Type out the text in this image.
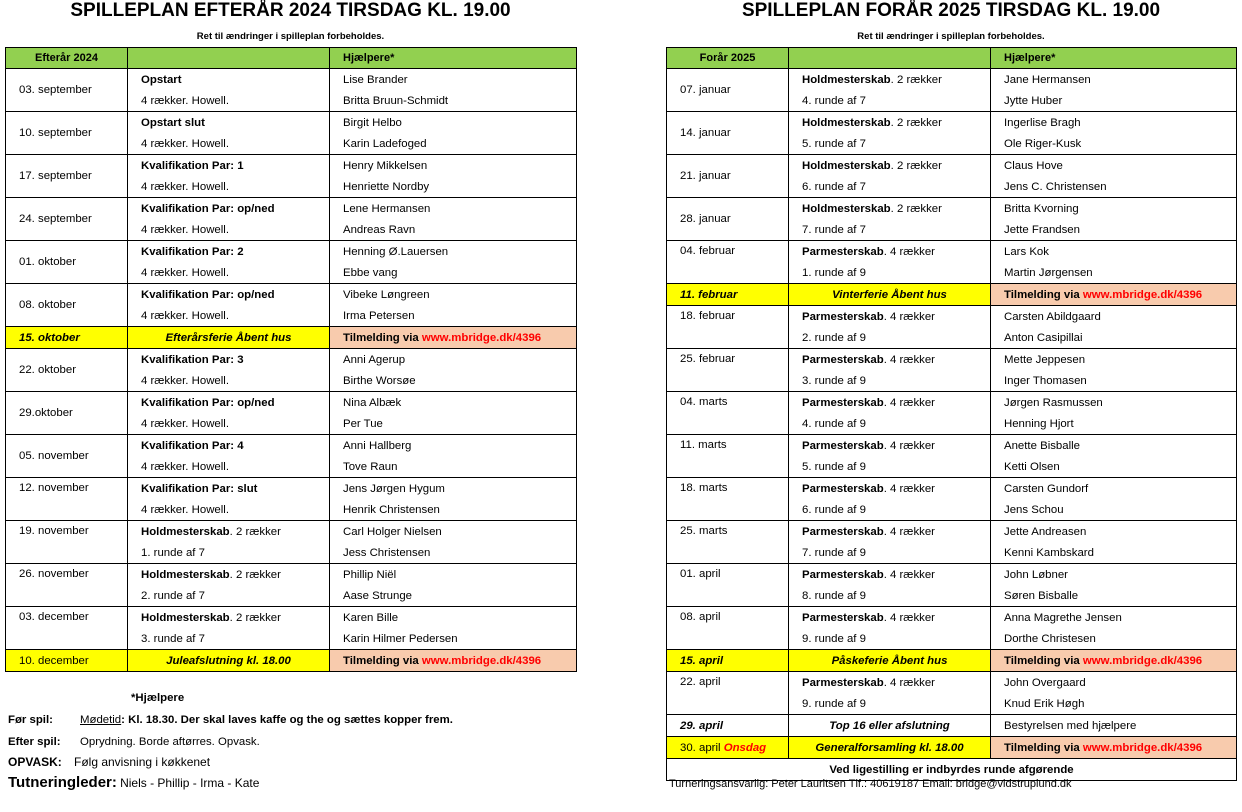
SPILLEPLAN EFTERÅR 2024 TIRSDAG KL. 19.00
Ret til ændringer i spilleplan forbeholdes.
Efterår 2024		Hjælpere*
03. september	Opstart	Lise Brander
	4 rækker. Howell.	Britta Bruun-Schmidt
10. september	Opstart slut	Birgit Helbo
	4 rækker. Howell.	Karin Ladefoged
17. september	Kvalifikation Par: 1	Henry Mikkelsen
	4 rækker. Howell.	Henriette Nordby
24. september	Kvalifikation Par: op/ned	Lene Hermansen
	4 rækker. Howell.	Andreas Ravn
01. oktober	Kvalifikation Par: 2	Henning Ø.Lauersen
	4 rækker. Howell.	Ebbe vang
08. oktober	Kvalifikation Par: op/ned	Vibeke Løngreen
	4 rækker. Howell.	Irma Petersen
15. oktober	Efterårsferie Åbent hus	Tilmelding via www.mbridge.dk/4396
22. oktober	Kvalifikation Par: 3	Anni Agerup
	4 rækker. Howell.	Birthe Worsøe
29.oktober	Kvalifikation Par: op/ned	Nina Albæk
	4 rækker. Howell.	Per Tue
05. november	Kvalifikation Par: 4	Anni Hallberg
	4 rækker. Howell.	Tove Raun
12. november	Kvalifikation Par: slut	Jens Jørgen Hygum
	4 rækker. Howell.	Henrik Christensen
19. november	Holdmesterskab. 2 rækker	Carl Holger Nielsen
	1. runde af 7	Jess Christensen
26. november	Holdmesterskab. 2 rækker	Phillip Niël
	2. runde af 7	Aase Strunge
03. december	Holdmesterskab. 2 rækker	Karen Bille
	3. runde af 7	Karin Hilmer Pedersen
10. december	Juleafslutning kl. 18.00	Tilmelding via www.mbridge.dk/4396
SPILLEPLAN FORÅR 2025 TIRSDAG KL. 19.00
Ret til ændringer i spilleplan forbeholdes.
Forår 2025		Hjælpere*
07. januar	Holdmesterskab. 2 rækker	Jane Hermansen
	4. runde af 7	Jytte Huber
14. januar	Holdmesterskab. 2 rækker	Ingerlise Bragh
	5. runde af 7	Ole Riger-Kusk
21. januar	Holdmesterskab. 2 rækker	Claus Hove
	6. runde af 7	Jens C. Christensen
28. januar	Holdmesterskab. 2 rækker	Britta Kvorning
	7. runde af 7	Jette Frandsen
04. februar	Parmesterskab. 4 rækker	Lars Kok
	1. runde af 9	Martin Jørgensen
11. februar	Vinterferie Åbent hus	Tilmelding via www.mbridge.dk/4396
18. februar	Parmesterskab. 4 rækker	Carsten Abildgaard
	2. runde af 9	Anton Casipillai
25. februar	Parmesterskab. 4 rækker	Mette Jeppesen
	3. runde af 9	Inger Thomasen
04. marts	Parmesterskab. 4 rækker	Jørgen Rasmussen
	4. runde af 9	Henning Hjort
11. marts	Parmesterskab. 4 rækker	Anette Bisballe
	5. runde af 9	Ketti Olsen
18. marts	Parmesterskab. 4 rækker	Carsten Gundorf
	6. runde af 9	Jens Schou
25. marts	Parmesterskab. 4 rækker	Jette Andreasen
	7. runde af 9	Kenni Kambskard
01. april	Parmesterskab. 4 rækker	John Løbner
	8. runde af 9	Søren Bisballe
08. april	Parmesterskab. 4 rækker	Anna Magrethe Jensen
	9. runde af 9	Dorthe Christesen
15. april	Påskeferie Åbent hus	Tilmelding via www.mbridge.dk/4396
22. april	Parmesterskab. 4 rækker	John Overgaard
	9. runde af 9	Knud Erik Høgh
29. april	Top 16 eller afslutning	Bestyrelsen med hjælpere
30. april Onsdag	Generalforsamling kl. 18.00	Tilmelding via www.mbridge.dk/4396
Ved ligestilling er indbyrdes runde afgørende		
*Hjælpere
Før spil: Mødetid: Kl. 18.30. Der skal laves kaffe og the og sættes kopper frem.
Efter spil: Oprydning. Borde aftørres. Opvask.
OPVASK: Følg anvisning i køkkenet
Tutneringleder: Niels - Phillip - Irma - Kate	Turneringsansvarlig: Peter Lauritsen Tlf.: 40619187 Email: bridge@vidstruplund.dk
